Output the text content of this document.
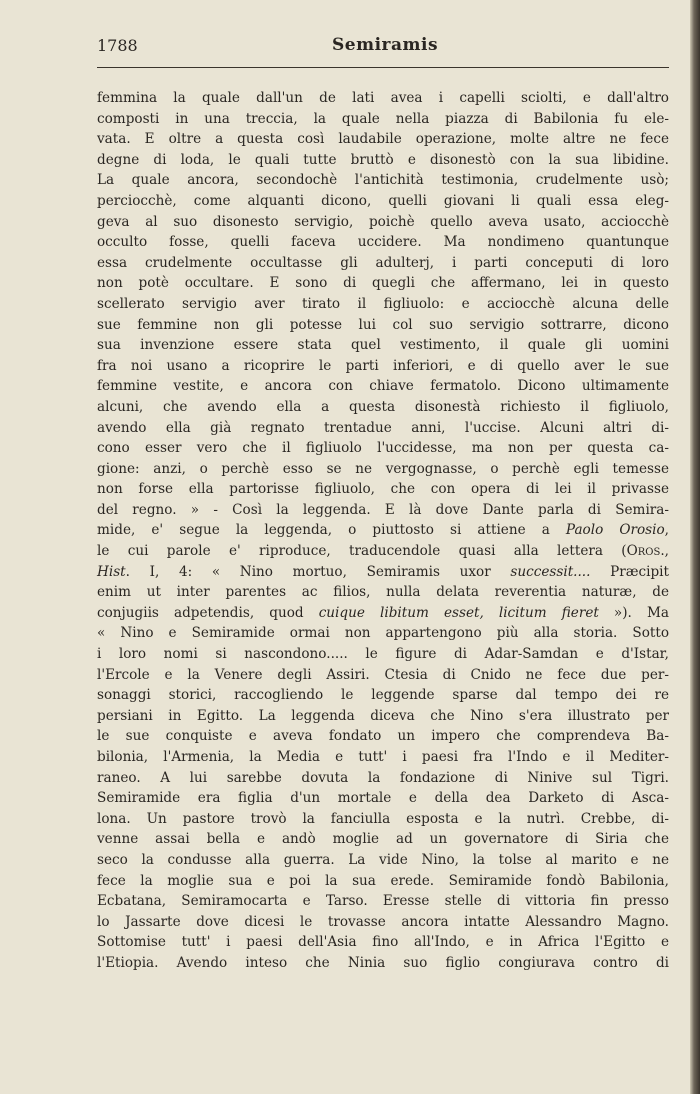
1788	Semiramis
femmina la quale dall'un de lati avea i capelli sciolti, e dall'altro
composti in una treccia, la quale nella piazza di Babilonia fu ele-
vata. E oltre a questa così laudabile operazione, molte altre ne fece
degne di loda, le quali tutte bruttò e disonestò con la sua libidine.
La quale ancora, secondochè l'antichità testimonia, crudelmente usò;
perciocchè, come alquanti dicono, quelli giovani li quali essa eleg-
geva al suo disonesto servigio, poichè quello aveva usato, acciocchè
occulto fosse, quelli faceva uccidere. Ma nondimeno quantunque
essa crudelmente occultasse gli adulterj, i parti conceputi di loro
non potè occultare. E sono di quegli che affermano, lei in questo
scellerato servigio aver tirato il figliuolo: e acciocchè alcuna delle
sue femmine non gli potesse lui col suo servigio sottrarre, dicono
sua invenzione essere stata quel vestimento, il quale gli uomini
fra noi usano a ricoprire le parti inferiori, e di quello aver le sue
femmine vestite, e ancora con chiave fermatolo. Dicono ultimamente
alcuni, che avendo ella a questa disonestà richiesto il figliuolo,
avendo ella già regnato trentadue anni, l'uccise. Alcuni altri di-
cono esser vero che il figliuolo l'uccidesse, ma non per questa ca-
gione: anzi, o perchè esso se ne vergognasse, o perchè egli temesse
non forse ella partorisse figliuolo, che con opera di lei il privasse
del regno. » - Così la leggenda. E là dove Dante parla di Semira-
mide, e' segue la leggenda, o piuttosto si attiene a Paolo Orosio,
le cui parole e' riproduce, traducendole quasi alla lettera (Oros.,
Hist. I, 4: « Nino mortuo, Semiramis uxor successit.... Præcipit
enim ut inter parentes ac filios, nulla delata reverentia naturæ, de
conjugiis adpetendis, quod cuique libitum esset, licitum fieret »). Ma
« Nino e Semiramide ormai non appartengono più alla storia. Sotto
i loro nomi si nascondono..... le figure di Adar-Samdan e d'Istar,
l'Ercole e la Venere degli Assiri. Ctesia di Cnido ne fece due per-
sonaggi storici, raccogliendo le leggende sparse dal tempo dei re
persiani in Egitto. La leggenda diceva che Nino s'era illustrato per
le sue conquiste e aveva fondato un impero che comprendeva Ba-
bilonia, l'Armenia, la Media e tutt' i paesi fra l'Indo e il Mediter-
raneo. A lui sarebbe dovuta la fondazione di Ninive sul Tigri.
Semiramide era figlia d'un mortale e della dea Darketo di Asca-
lona. Un pastore trovò la fanciulla esposta e la nutrì. Crebbe, di-
venne assai bella e andò moglie ad un governatore di Siria che
seco la condusse alla guerra. La vide Nino, la tolse al marito e ne
fece la moglie sua e poi la sua erede. Semiramide fondò Babilonia,
Ecbatana, Semiramocarta e Tarso. Eresse stelle di vittoria fin presso
lo Jassarte dove dicesi le trovasse ancora intatte Alessandro Magno.
Sottomise tutt' i paesi dell'Asia fino all'Indo, e in Africa l'Egitto e
l'Etiopia. Avendo inteso che Ninia suo figlio congiurava contro di
